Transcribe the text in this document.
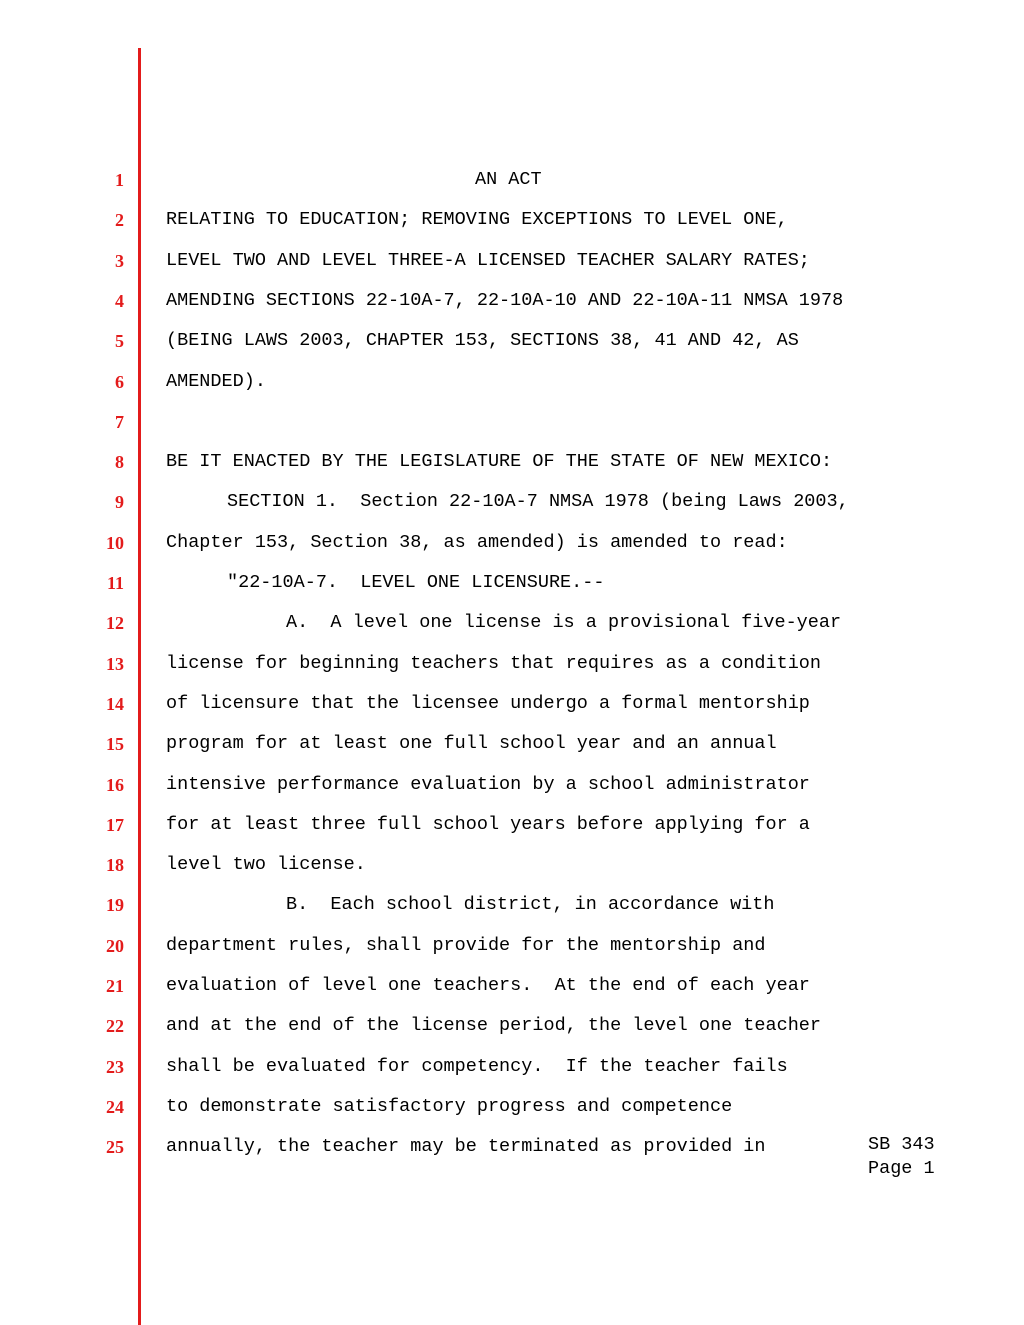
1
2
3
4
5
6
7
8
9
10
11
12
13
14
15
16
17
18
19
20
21
22
23
24
25
AN ACT
RELATING TO EDUCATION; REMOVING EXCEPTIONS TO LEVEL ONE,
LEVEL TWO AND LEVEL THREE-A LICENSED TEACHER SALARY RATES;
AMENDING SECTIONS 22-10A-7, 22-10A-10 AND 22-10A-11 NMSA 1978
(BEING LAWS 2003, CHAPTER 153, SECTIONS 38, 41 AND 42, AS
AMENDED).
BE IT ENACTED BY THE LEGISLATURE OF THE STATE OF NEW MEXICO:
SECTION 1.  Section 22-10A-7 NMSA 1978 (being Laws 2003,
Chapter 153, Section 38, as amended) is amended to read:
"22-10A-7.  LEVEL ONE LICENSURE.--
A.  A level one license is a provisional five-year
license for beginning teachers that requires as a condition
of licensure that the licensee undergo a formal mentorship
program for at least one full school year and an annual
intensive performance evaluation by a school administrator
for at least three full school years before applying for a
level two license.
B.  Each school district, in accordance with
department rules, shall provide for the mentorship and
evaluation of level one teachers.  At the end of each year
and at the end of the license period, the level one teacher
shall be evaluated for competency.  If the teacher fails
to demonstrate satisfactory progress and competence
annually, the teacher may be terminated as provided in	SB 343
Page 1
